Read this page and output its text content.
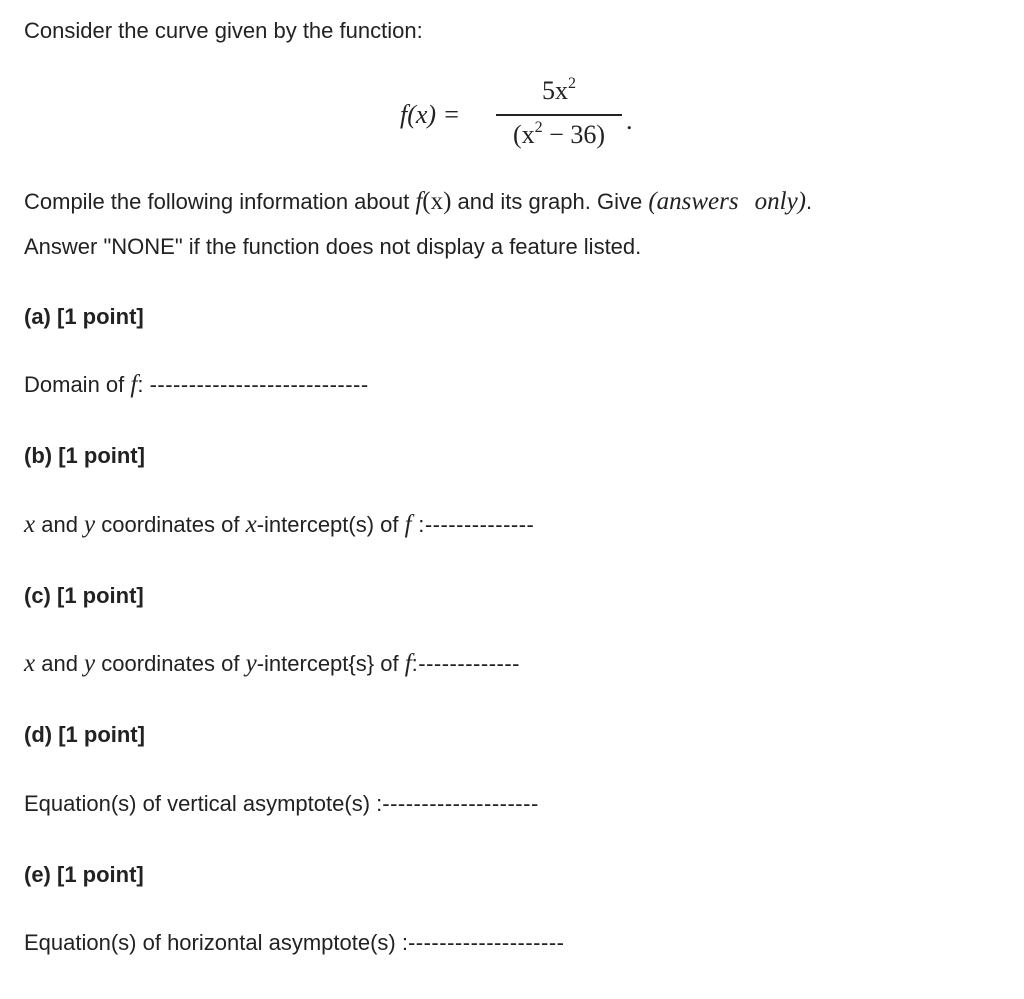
Consider the curve given by the function:
f(x) =
$5x^2$
$(x^2 - 36)$ .
Compile the following information about f(x) and its graph. Give (answers only).
Answer "NONE" if the function does not display a feature listed.
(a) [1 point]
Domain of f: ----------------------------
(b) [1 point]
x and y coordinates of x-intercept(s) of f :--------------
(c) [1 point]
x and y coordinates of y-intercept{s} of f:-------------
(d) [1 point]
Equation(s) of vertical asymptote(s) :--------------------
(e) [1 point]
Equation(s) of horizontal asymptote(s) :--------------------
